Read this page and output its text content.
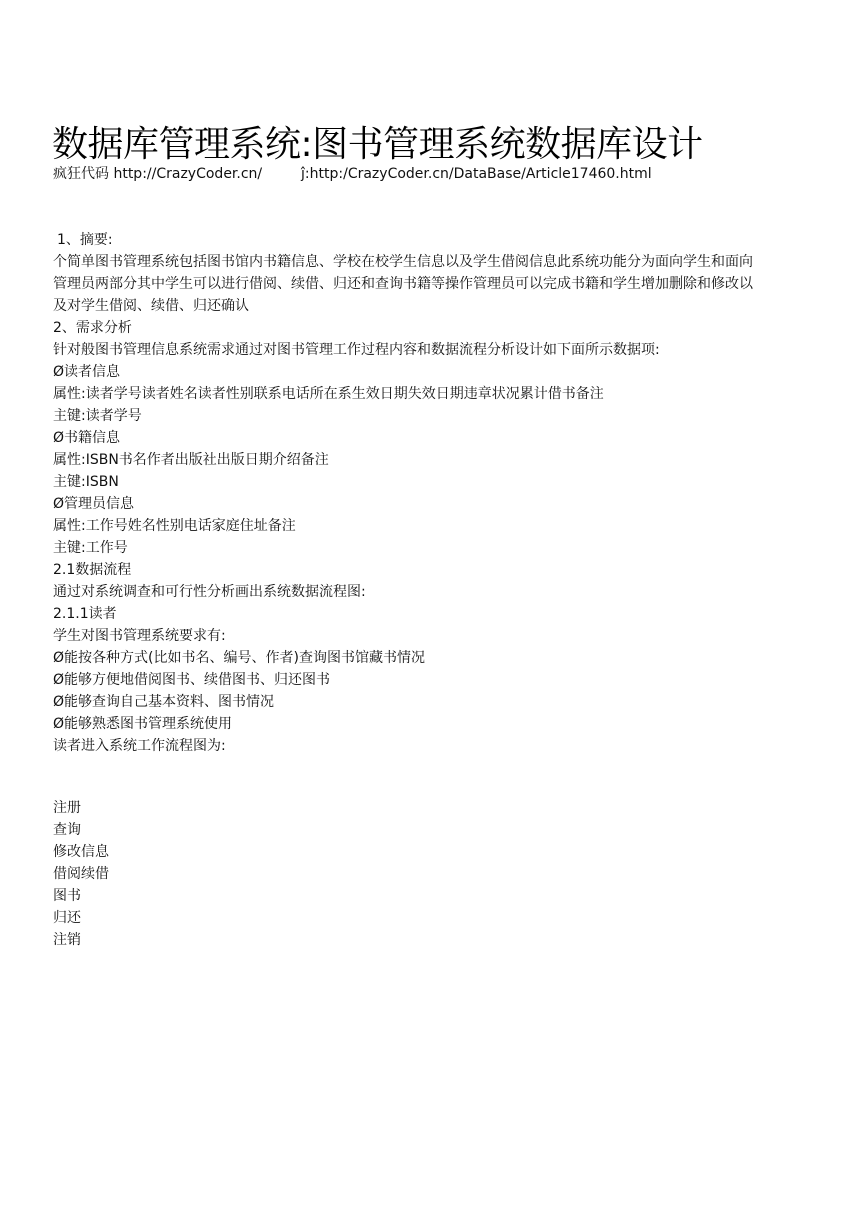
数据库管理系统:图书管理系统数据库设计
疯狂代码 http://CrazyCoder.cn/	ĵ:http:/CrazyCoder.cn/DataBase/Article17460.html
1、摘要:
个简单图书管理系统包括图书馆内书籍信息、学校在校学生信息以及学生借阅信息此系统功能分为面向学生和面向管理员两部分其中学生可以进行借阅、续借、归还和查询书籍等操作管理员可以完成书籍和学生增加删除和修改以及对学生借阅、续借、归还确认
2、需求分析
针对般图书管理信息系统需求通过对图书管理工作过程内容和数据流程分析设计如下面所示数据项:
Ø读者信息
属性:读者学号读者姓名读者性别联系电话所在系生效日期失效日期违章状况累计借书备注
主键:读者学号
Ø书籍信息
属性:ISBN书名作者出版社出版日期介绍备注
主键:ISBN
Ø管理员信息
属性:工作号姓名性别电话家庭住址备注
主键:工作号
2.1数据流程
通过对系统调查和可行性分析画出系统数据流程图:
2.1.1读者
学生对图书管理系统要求有:
Ø能按各种方式(比如书名、编号、作者)查询图书馆藏书情况
Ø能够方便地借阅图书、续借图书、归还图书
Ø能够查询自己基本资料、图书情况
Ø能够熟悉图书管理系统使用
读者进入系统工作流程图为:
注册
查询
修改信息
借阅续借
图书
归还
注销
